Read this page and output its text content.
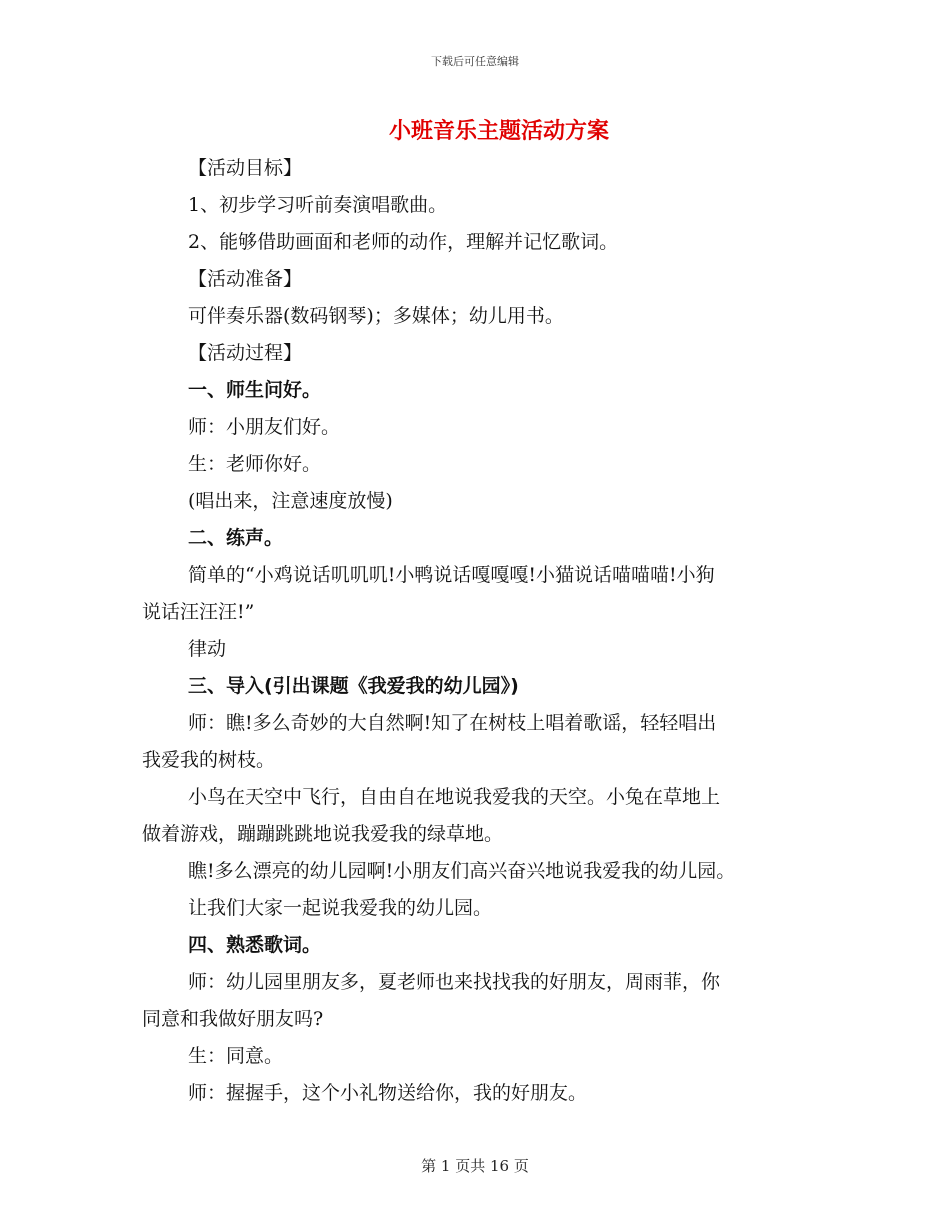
下载后可任意编辑
小班音乐主题活动方案
【活动目标】
1、初步学习听前奏演唱歌曲。
2、能够借助画面和老师的动作，理解并记忆歌词。
【活动准备】
可伴奏乐器(数码钢琴)；多媒体；幼儿用书。
【活动过程】
一、师生问好。
师：小朋友们好。
生：老师你好。
(唱出来，注意速度放慢)
二、练声。
简单的“小鸡说话叽叽叽!小鸭说话嘎嘎嘎!小猫说话喵喵喵!小狗
说话汪汪汪!”
律动
三、导入(引出课题《我爱我的幼儿园》)
师：瞧!多么奇妙的大自然啊!知了在树枝上唱着歌谣，轻轻唱出
我爱我的树枝。
小鸟在天空中飞行，自由自在地说我爱我的天空。小兔在草地上
做着游戏，蹦蹦跳跳地说我爱我的绿草地。
瞧!多么漂亮的幼儿园啊!小朋友们高兴奋兴地说我爱我的幼儿园。
让我们大家一起说我爱我的幼儿园。
四、熟悉歌词。
师：幼儿园里朋友多，夏老师也来找找我的好朋友，周雨菲，你
同意和我做好朋友吗?
生：同意。
师：握握手，这个小礼物送给你，我的好朋友。
第 1 页共 16 页
